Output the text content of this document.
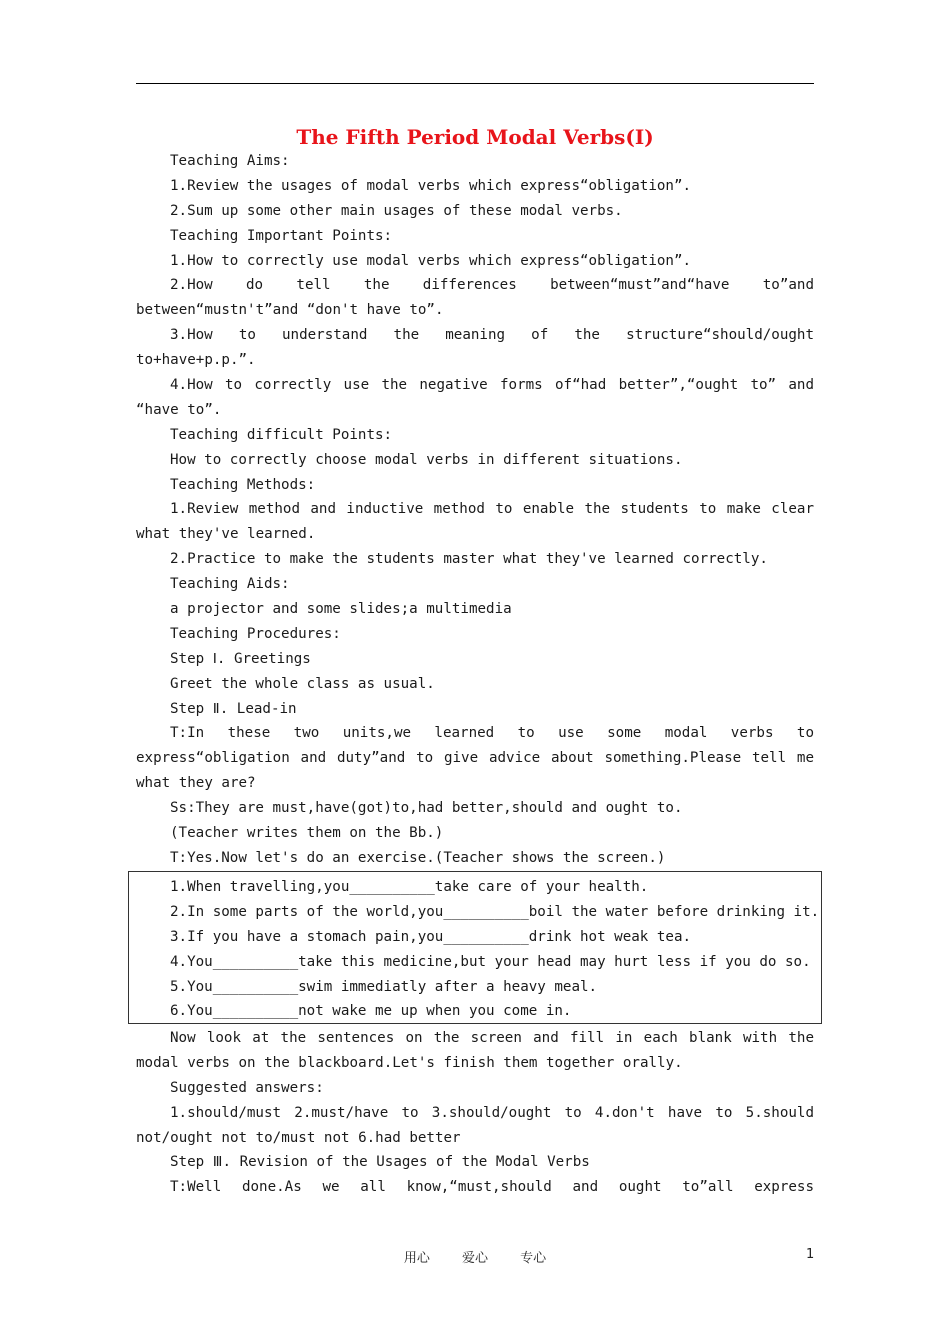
The Fifth Period Modal Verbs(Ⅰ)
Teaching Aims:
1.Review the usages of modal verbs which express“obligation”.
2.Sum up some other main usages of these modal verbs.
Teaching Important Points:
1.How to correctly use modal verbs which express“obligation”.
2.How do tell the differences between“must”and“have to”and
between“mustn't”and “don't have to”.
3.How to understand the meaning of the structure“should/ought
to+have+p.p.”.
4.How to correctly use the negative forms of“had better”,“ought to” and
“have to”.
Teaching difficult Points:
How to correctly choose modal verbs in different situations.
Teaching Methods:
1.Review method and inductive method to enable the students to make clear
what they've learned.
2.Practice to make the students master what they've learned correctly.
Teaching Aids:
a projector and some slides;a multimedia
Teaching Procedures:
Step Ⅰ. Greetings
Greet the whole class as usual.
Step Ⅱ. Lead-in
T:In these two units,we learned to use some modal verbs to
express“obligation and duty”and to give advice about something.Please tell me
what they are?
Ss:They are must,have(got)to,had better,should and ought to.
(Teacher writes them on the Bb.)
T:Yes.Now let's do an exercise.(Teacher shows the screen.)
1.When travelling,you__________take care of your health.
2.In some parts of the world,you__________boil the water before drinking it.
3.If you have a stomach pain,you__________drink hot weak tea.
4.You__________take this medicine,but your head may hurt less if you do so.
5.You__________swim immediatly after a heavy meal.
6.You__________not wake me up when you come in.
Now look at the sentences on the screen and fill in each blank with the
modal verbs on the blackboard.Let's finish them together orally.
Suggested answers:
1.should/must 2.must/have to 3.should/ought to 4.don't have to 5.should
not/ought not to/must not 6.had better
Step Ⅲ. Revision of the Usages of the Modal Verbs
T:Well done.As we all know,“must,should and ought to”all express
用心 爱心 专心	1
